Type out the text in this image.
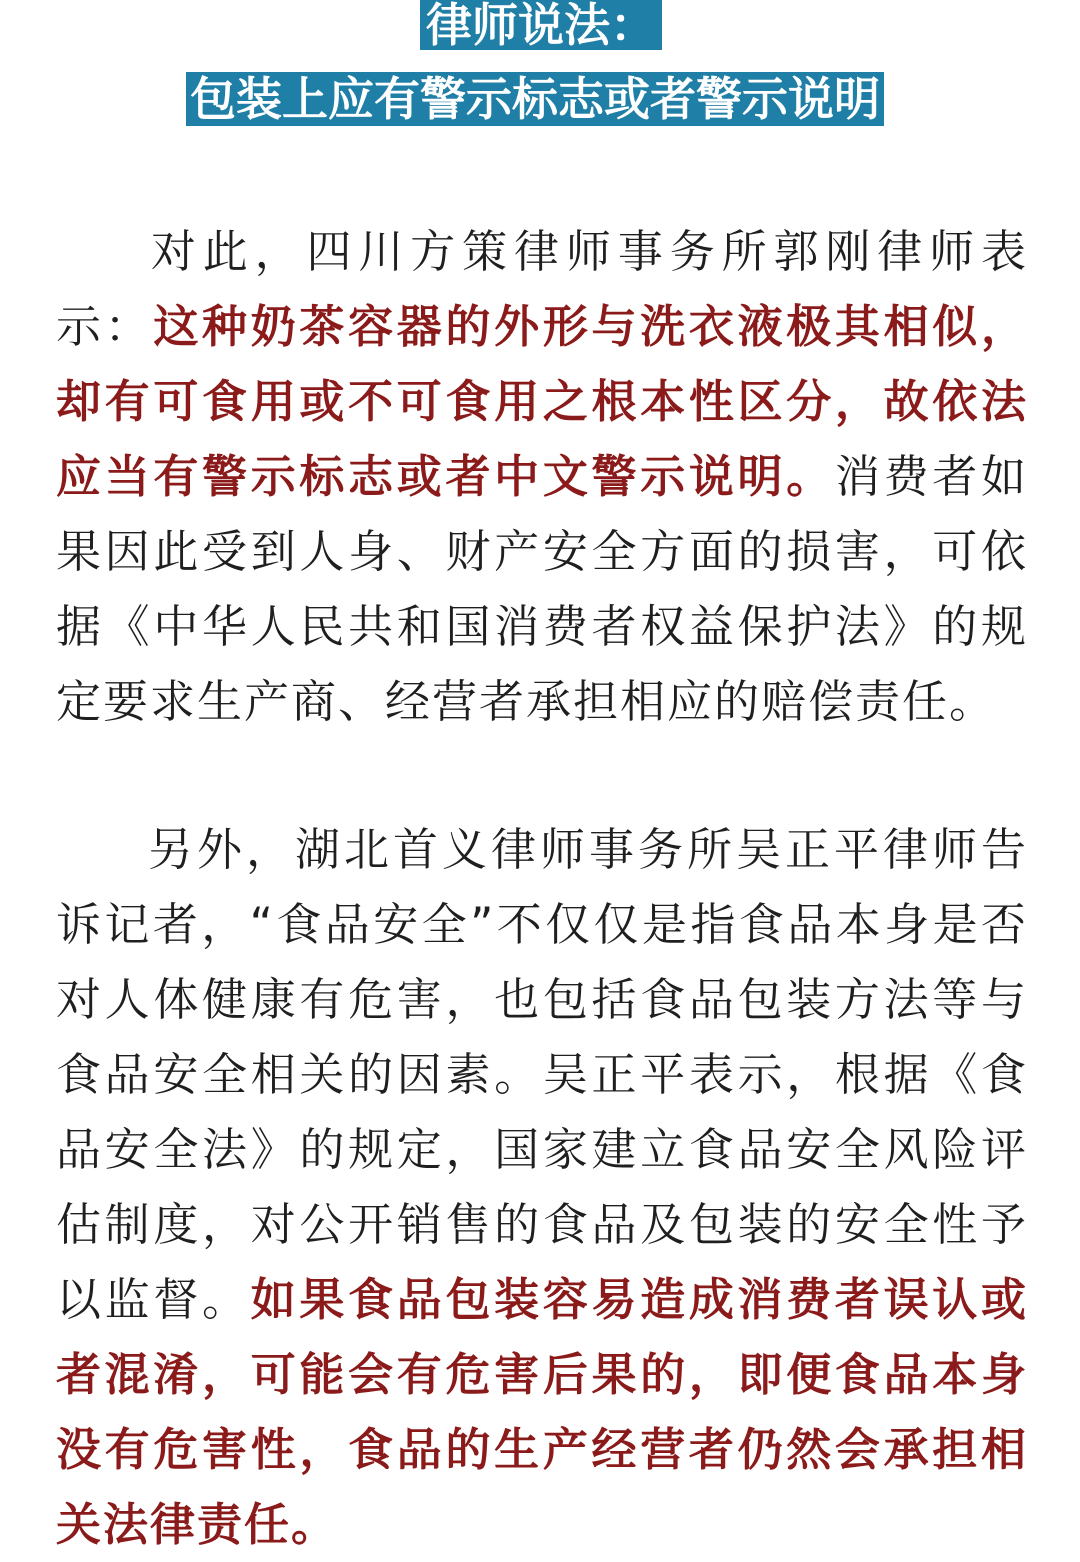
律师说法：
包装上应有警示标志或者警示说明
对此，四川方策律师事务所郭刚律师表示：这种奶茶容器的外形与洗衣液极其相似，却有可食用或不可食用之根本性区分，故依法应当有警示标志或者中文警示说明。消费者如果因此受到人身、财产安全方面的损害，可依据《中华人民共和国消费者权益保护法》的规定要求生产商、经营者承担相应的赔偿责任。
另外，湖北首义律师事务所吴正平律师告诉记者，“食品安全”不仅仅是指食品本身是否对人体健康有危害，也包括食品包装方法等与食品安全相关的因素。吴正平表示，根据《食品安全法》的规定，国家建立食品安全风险评估制度，对公开销售的食品及包装的安全性予以监督。如果食品包装容易造成消费者误认或者混淆，可能会有危害后果的，即便食品本身没有危害性，食品的生产经营者仍然会承担相关法律责任。
